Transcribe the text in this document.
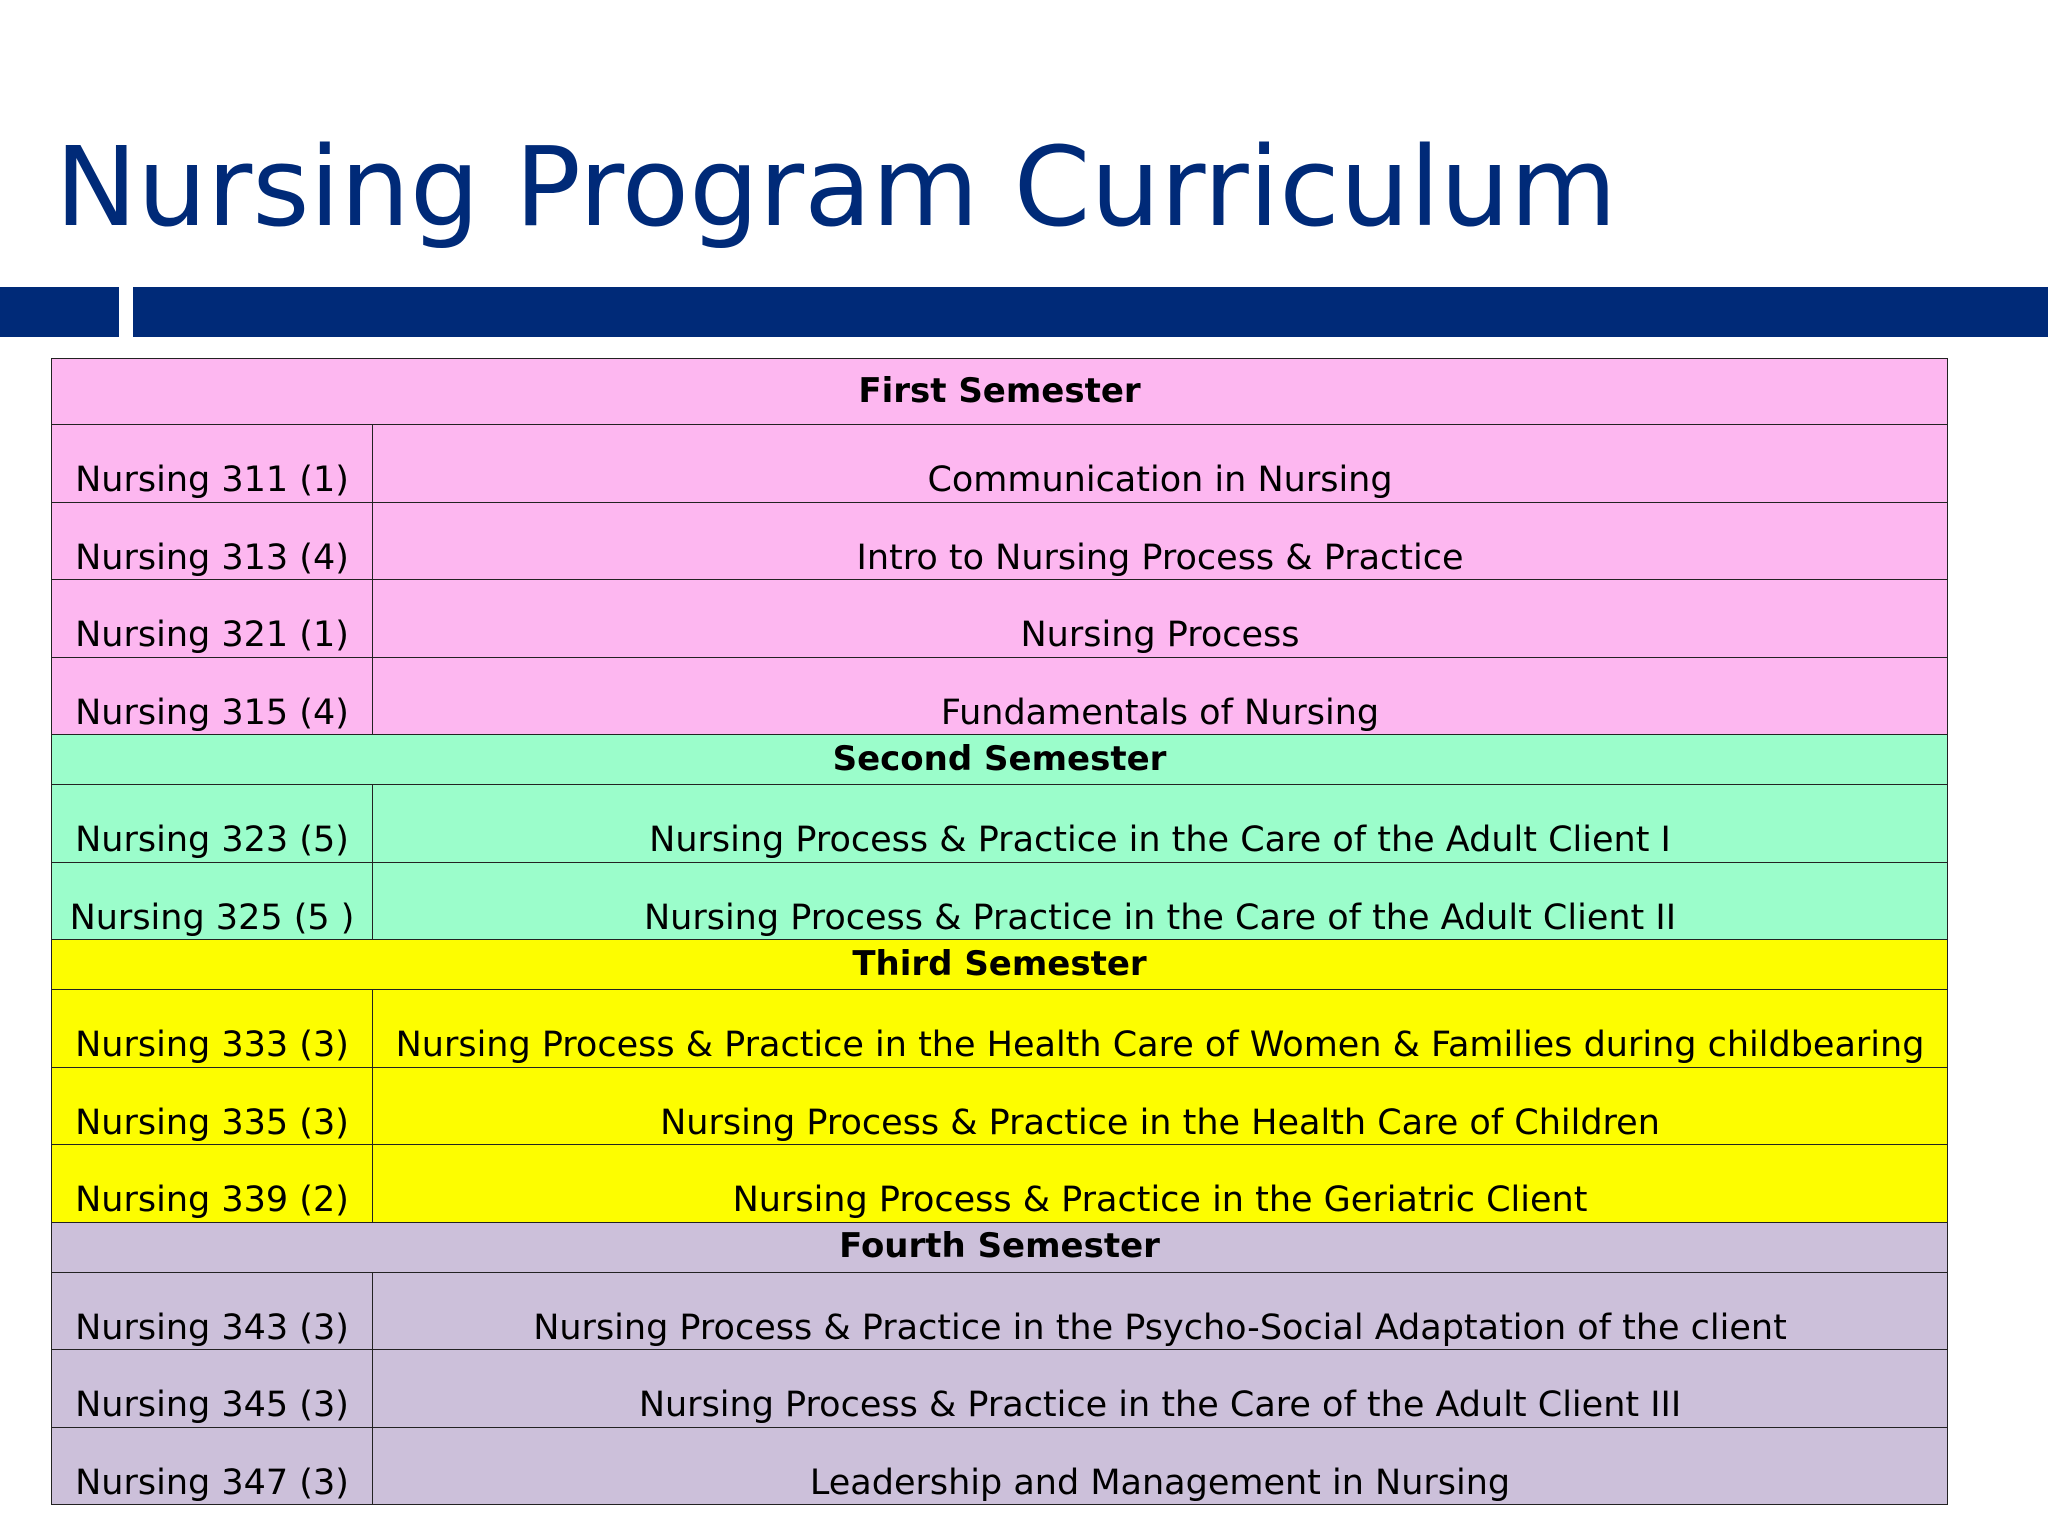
Nursing Program Curriculum
First Semester	
Nursing 311 (1)	Communication in Nursing
Nursing 313 (4)	Intro to Nursing Process & Practice
Nursing 321 (1)	Nursing Process
Nursing 315 (4)	Fundamentals of Nursing
Second Semester	
Nursing 323 (5)	Nursing Process & Practice in the Care of the Adult Client I
Nursing 325 (5 )	Nursing Process & Practice in the Care of the Adult Client II
Third Semester	
Nursing 333 (3)	Nursing Process & Practice in the Health Care of Women & Families during childbearing
Nursing 335 (3)	Nursing Process & Practice in the Health Care of Children
Nursing 339 (2)	Nursing Process & Practice in the Geriatric Client
Fourth Semester	
Nursing 343 (3)	Nursing Process & Practice in the Psycho-Social Adaptation of the client
Nursing 345 (3)	Nursing Process & Practice in the Care of the Adult Client III
Nursing 347 (3)	Leadership and Management in Nursing
